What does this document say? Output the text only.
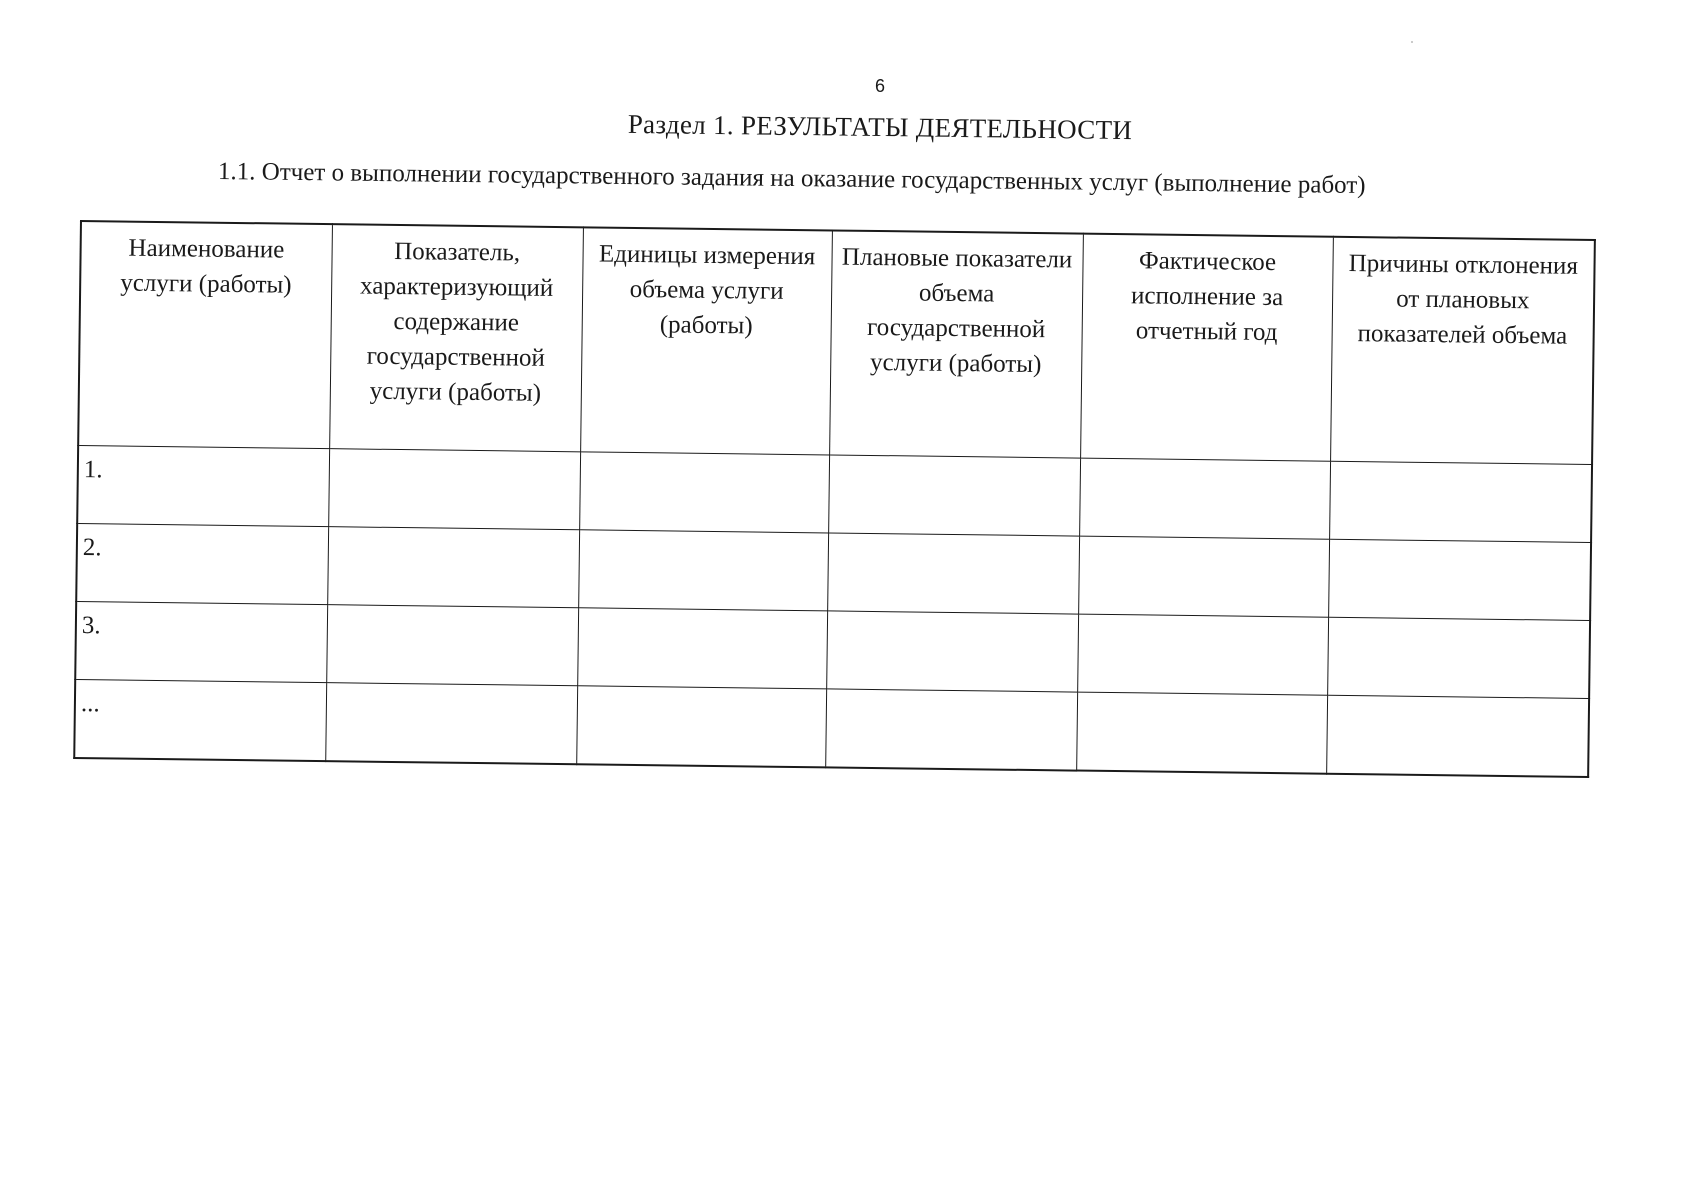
6
Раздел 1. РЕЗУЛЬТАТЫ ДЕЯТЕЛЬНОСТИ
1.1. Отчет о выполнении государственного задания на оказание государственных услуг (выполнение работ)
Наименование услуги (работы)	Показатель, характеризующий содержание государственной услуги (работы)	Единицы измерения объема услуги (работы)	Плановые показатели объема государственной услуги (работы)	Фактическое исполнение за отчетный год	Причины отклонения от плановых показателей объема
1.					
2.					
3.					
...					
